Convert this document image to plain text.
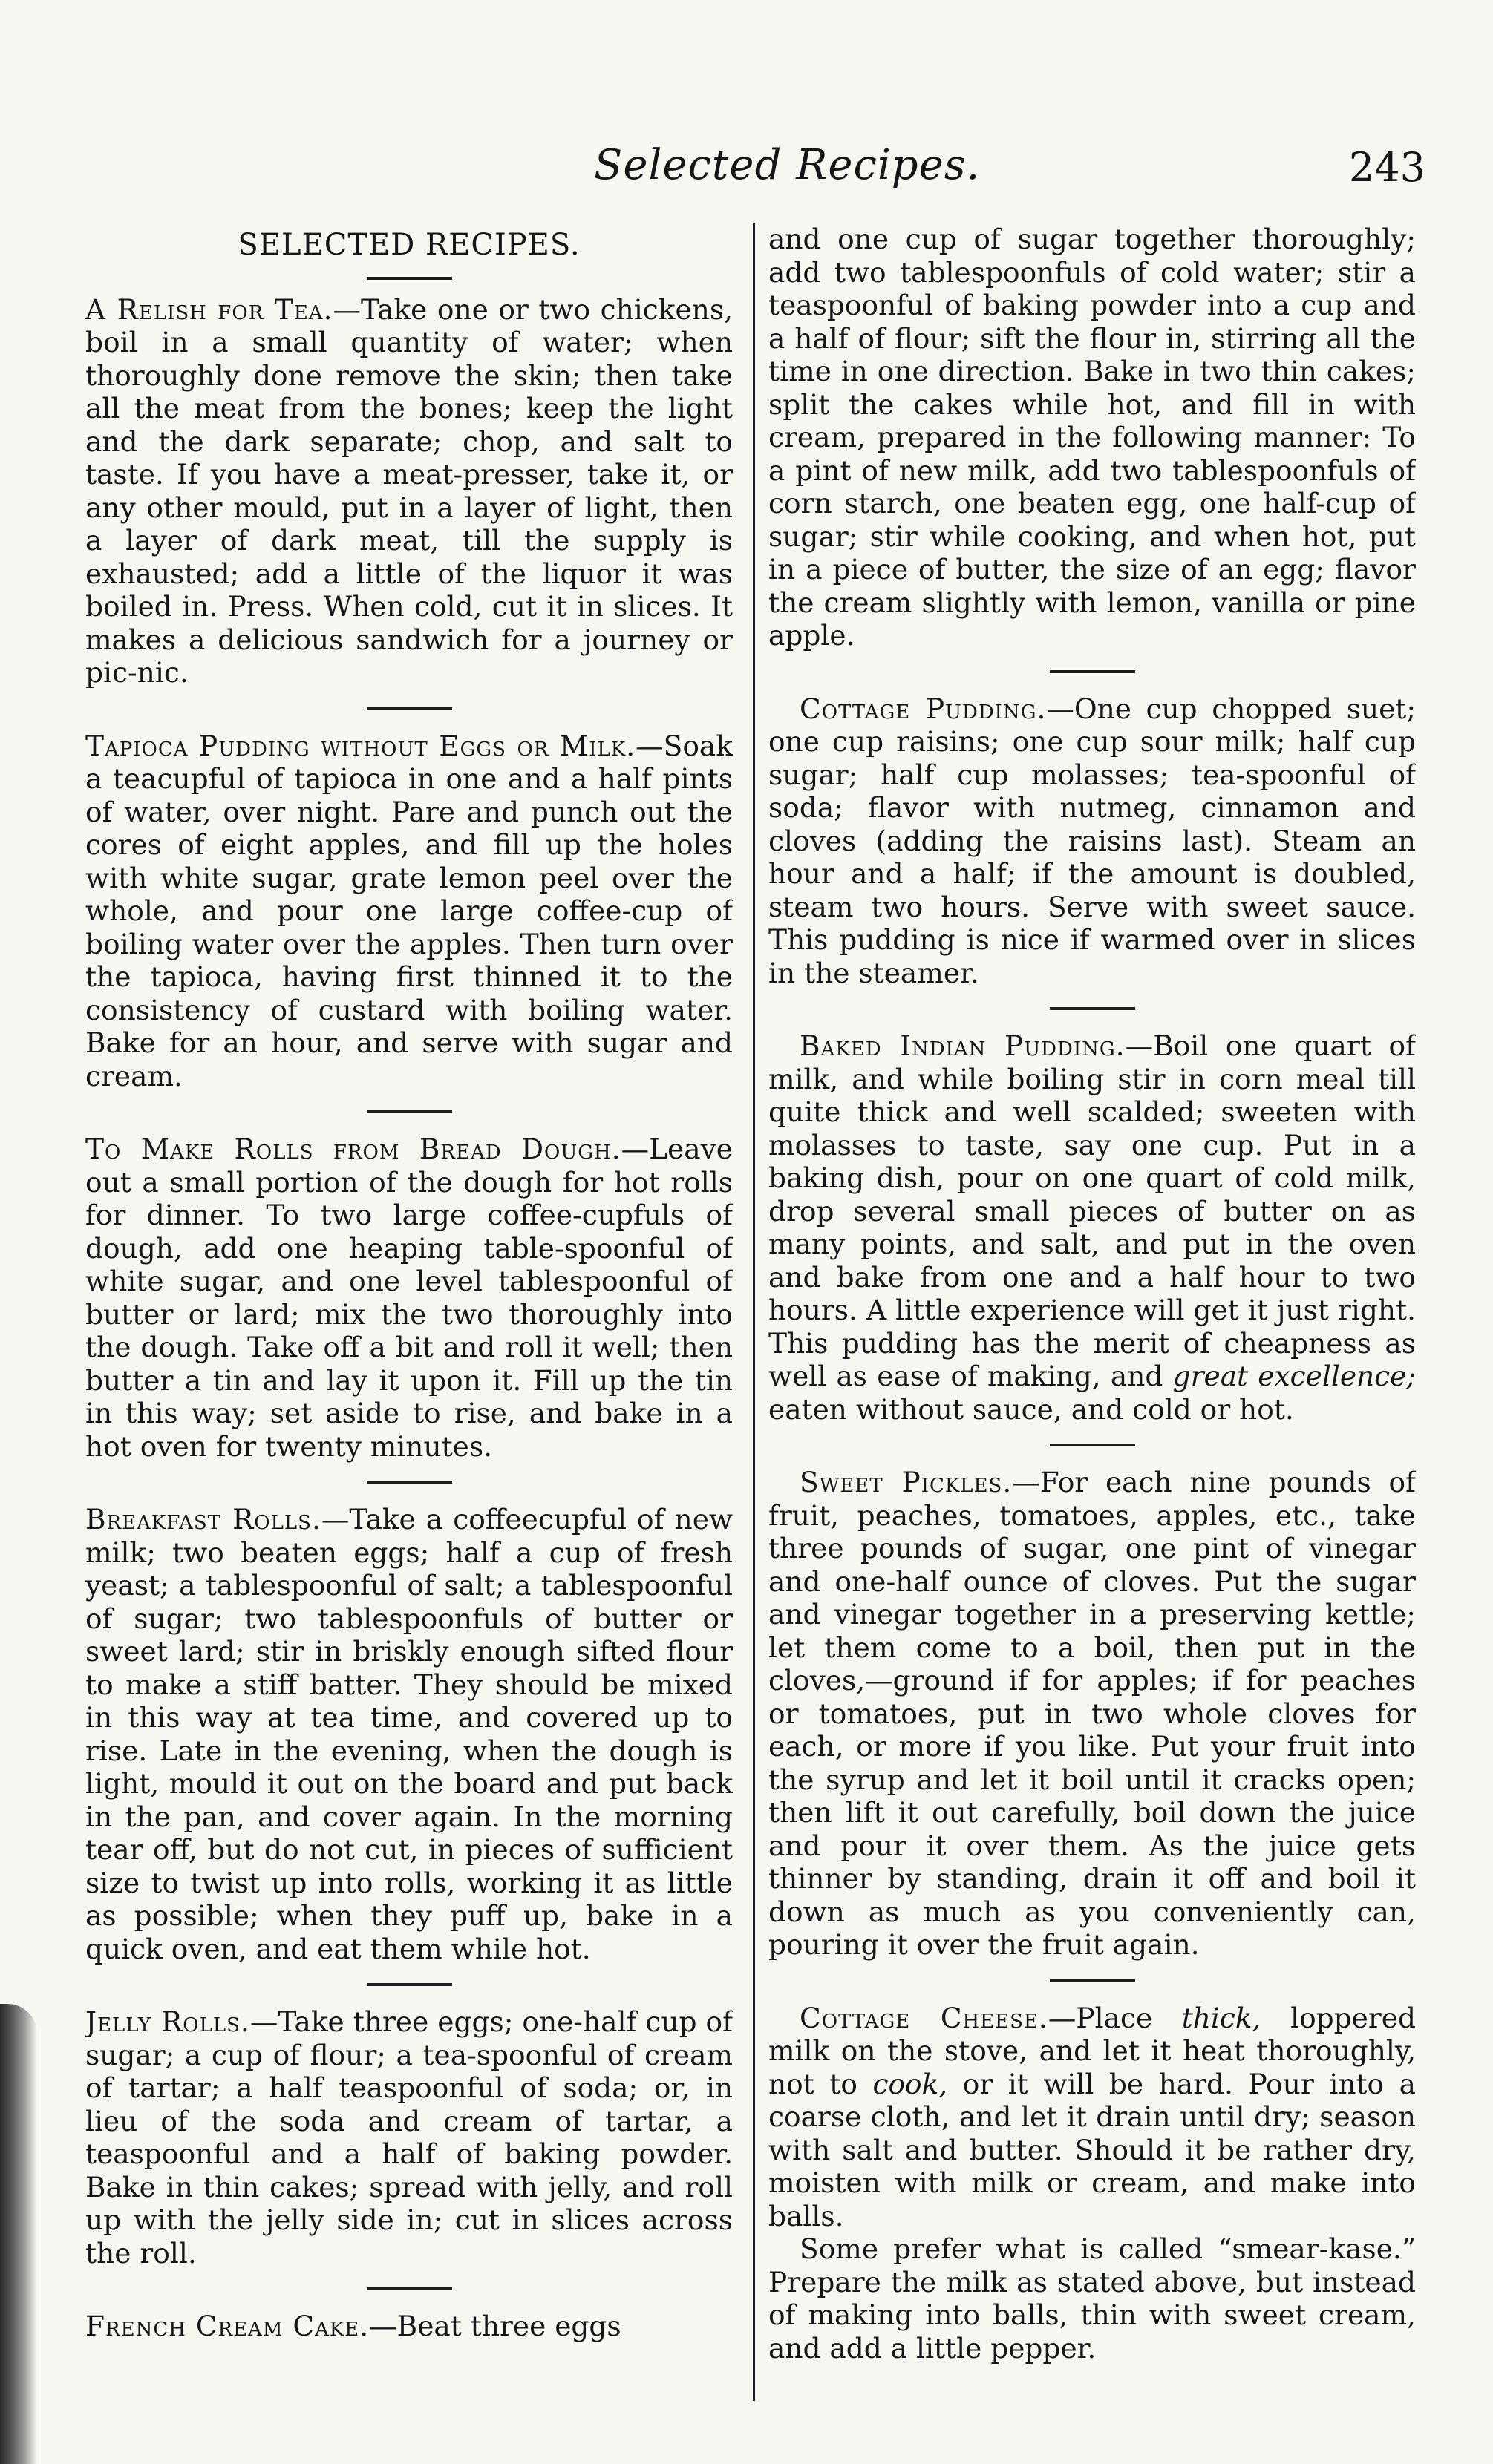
Selected Recipes.	243
SELECTED RECIPES.

A Relish for Tea.—Take one or two chickens, boil in a small quantity of water; when thoroughly done remove the skin; then take all the meat from the bones; keep the light and the dark separate; chop, and salt to taste. If you have a meat-presser, take it, or any other mould, put in a layer of light, then a layer of dark meat, till the supply is exhausted; add a little of the liquor it was boiled in. Press. When cold, cut it in slices. It makes a delicious sandwich for a journey or pic-nic.

Tapioca Pudding without Eggs or Milk.—Soak a teacupful of tapioca in one and a half pints of water, over night. Pare and punch out the cores of eight apples, and fill up the holes with white sugar, grate lemon peel over the whole, and pour one large coffee-cup of boiling water over the apples. Then turn over the tapioca, having first thinned it to the consistency of custard with boiling water. Bake for an hour, and serve with sugar and cream.

To Make Rolls from Bread Dough.—Leave out a small portion of the dough for hot rolls for dinner. To two large coffee-cupfuls of dough, add one heaping table-spoonful of white sugar, and one level tablespoonful of butter or lard; mix the two thoroughly into the dough. Take off a bit and roll it well; then butter a tin and lay it upon it. Fill up the tin in this way; set aside to rise, and bake in a hot oven for twenty minutes.

Breakfast Rolls.—Take a coffeecupful of new milk; two beaten eggs; half a cup of fresh yeast; a tablespoonful of salt; a tablespoonful of sugar; two tablespoonfuls of butter or sweet lard; stir in briskly enough sifted flour to make a stiff batter. They should be mixed in this way at tea time, and covered up to rise. Late in the evening, when the dough is light, mould it out on the board and put back in the pan, and cover again. In the morning tear off, but do not cut, in pieces of sufficient size to twist up into rolls, working it as little as possible; when they puff up, bake in a quick oven, and eat them while hot.

Jelly Rolls.—Take three eggs; one-half cup of sugar; a cup of flour; a tea-spoonful of cream of tartar; a half teaspoonful of soda; or, in lieu of the soda and cream of tartar, a teaspoonful and a half of baking powder. Bake in thin cakes; spread with jelly, and roll up with the jelly side in; cut in slices across the roll.

French Cream Cake.—Beat three eggs

and one cup of sugar together thoroughly; add two tablespoonfuls of cold water; stir a teaspoonful of baking powder into a cup and a half of flour; sift the flour in, stirring all the time in one direction. Bake in two thin cakes; split the cakes while hot, and fill in with cream, prepared in the following manner: To a pint of new milk, add two tablespoonfuls of corn starch, one beaten egg, one half-cup of sugar; stir while cooking, and when hot, put in a piece of butter, the size of an egg; flavor the cream slightly with lemon, vanilla or pine apple.

Cottage Pudding.—One cup chopped suet; one cup raisins; one cup sour milk; half cup sugar; half cup molasses; tea-spoonful of soda; flavor with nutmeg, cinnamon and cloves (adding the raisins last). Steam an hour and a half; if the amount is doubled, steam two hours. Serve with sweet sauce. This pudding is nice if warmed over in slices in the steamer.

Baked Indian Pudding.—Boil one quart of milk, and while boiling stir in corn meal till quite thick and well scalded; sweeten with molasses to taste, say one cup. Put in a baking dish, pour on one quart of cold milk, drop several small pieces of butter on as many points, and salt, and put in the oven and bake from one and a half hour to two hours. A little experience will get it just right. This pudding has the merit of cheapness as well as ease of making, and great excellence; eaten without sauce, and cold or hot.

Sweet Pickles.—For each nine pounds of fruit, peaches, tomatoes, apples, etc., take three pounds of sugar, one pint of vinegar and one-half ounce of cloves. Put the sugar and vinegar together in a preserving kettle; let them come to a boil, then put in the cloves,—ground if for apples; if for peaches or tomatoes, put in two whole cloves for each, or more if you like. Put your fruit into the syrup and let it boil until it cracks open; then lift it out carefully, boil down the juice and pour it over them. As the juice gets thinner by standing, drain it off and boil it down as much as you conveniently can, pouring it over the fruit again.

Cottage Cheese.—Place thick, loppered milk on the stove, and let it heat thoroughly, not to cook, or it will be hard. Pour into a coarse cloth, and let it drain until dry; season with salt and butter. Should it be rather dry, moisten with milk or cream, and make into balls.

Some prefer what is called “smear-kase.” Prepare the milk as stated above, but instead of making into balls, thin with sweet cream, and add a little pepper.
